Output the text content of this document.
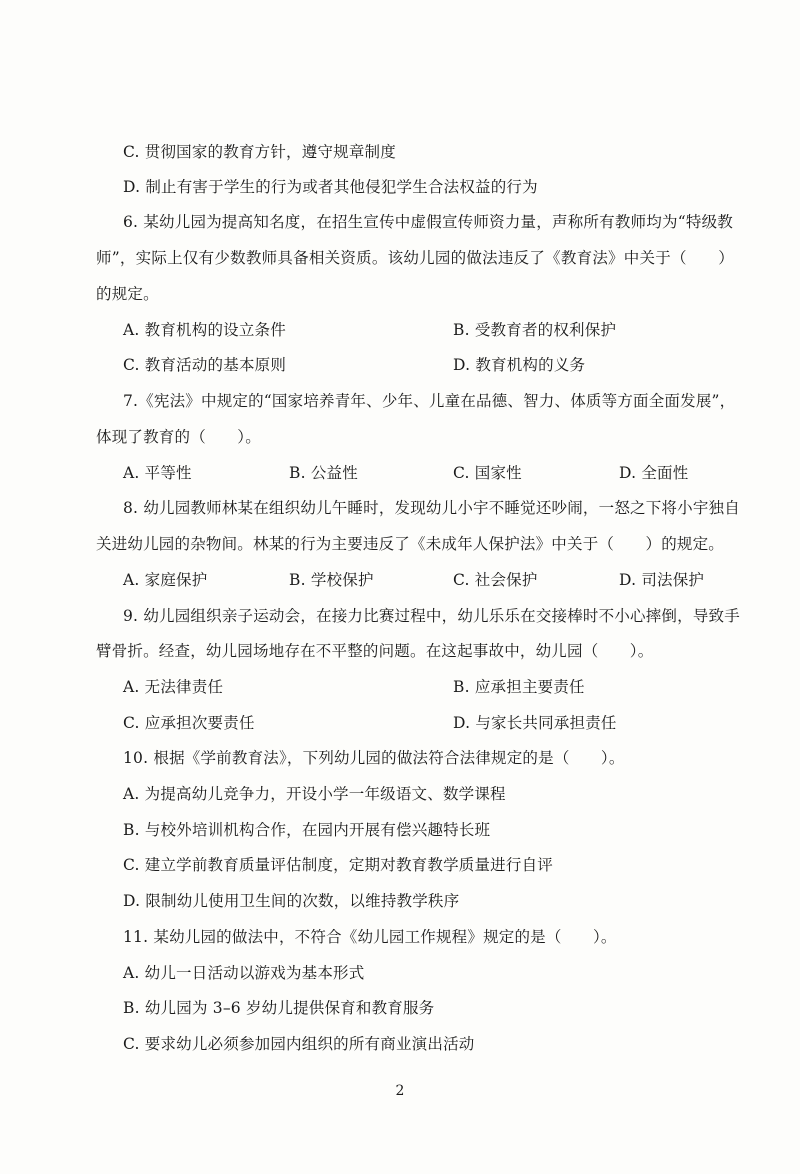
C. 贯彻国家的教育方针，遵守规章制度
D. 制止有害于学生的行为或者其他侵犯学生合法权益的行为
6. 某幼儿园为提高知名度，在招生宣传中虚假宣传师资力量，声称所有教师均为“特级教
师”，实际上仅有少数教师具备相关资质。该幼儿园的做法违反了《教育法》中关于（　　）
的规定。
A. 教育机构的设立条件	B. 受教育者的权利保护
C. 教育活动的基本原则	D. 教育机构的义务
7.《宪法》中规定的“国家培养青年、少年、儿童在品德、智力、体质等方面全面发展”，
体现了教育的（　　）。
A. 平等性	B. 公益性	C. 国家性	D. 全面性
8. 幼儿园教师林某在组织幼儿午睡时，发现幼儿小宇不睡觉还吵闹，一怒之下将小宇独自
关进幼儿园的杂物间。林某的行为主要违反了《未成年人保护法》中关于（　　）的规定。
A. 家庭保护	B. 学校保护	C. 社会保护	D. 司法保护
9. 幼儿园组织亲子运动会，在接力比赛过程中，幼儿乐乐在交接棒时不小心摔倒，导致手
臂骨折。经查，幼儿园场地存在不平整的问题。在这起事故中，幼儿园（　　）。
A. 无法律责任	B. 应承担主要责任
C. 应承担次要责任	D. 与家长共同承担责任
10. 根据《学前教育法》，下列幼儿园的做法符合法律规定的是（　　）。
A. 为提高幼儿竞争力，开设小学一年级语文、数学课程
B. 与校外培训机构合作，在园内开展有偿兴趣特长班
C. 建立学前教育质量评估制度，定期对教育教学质量进行自评
D. 限制幼儿使用卫生间的次数，以维持教学秩序
11. 某幼儿园的做法中，不符合《幼儿园工作规程》规定的是（　　）。
A. 幼儿一日活动以游戏为基本形式
B. 幼儿园为 3–6 岁幼儿提供保育和教育服务
C. 要求幼儿必须参加园内组织的所有商业演出活动
2
